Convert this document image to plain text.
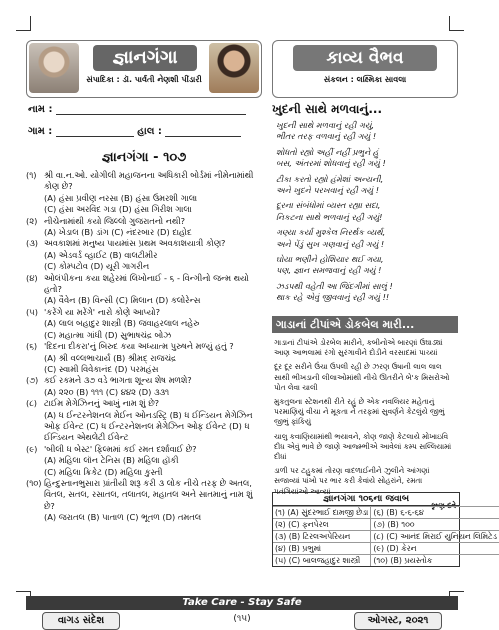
જ્ઞાનગંગા
સંપાદિકા : ડૉ. પાર્વતી નેણશી પીંડારી
નામ :
ગામ :	હાલ :
જ્ઞાનગંગા - ૧૦૭
(૧) શ્રી વા.ન.ઓ. યોગીલી મહાજનના અધિકારી બોર્ડમાં નીમેનામાંથી કોણ છે?
(A) હંસા પ્રવીણ નરસા (B) હંસા ઉમરશી ગાલા
(C) હંસા અરવિંદ ગડા (D) હંસા ગિરીશ ગાલા
(૨) નીચેનામાંથી કયો જિલ્લો ગુજરાતનો નથી?
(A) ખેડાલ (B) ડાંગ (C) નંદરબાર (D) દાહોદ
(૩) અવકાશમાં મનુષ્ય પાયમાંસ પ્રથમ અવકાશયાત્રી કોણ?
(A) એડવર્ડ વ્હાઈટ (B) વાલટીમીર
(C) કોમ્પટોવ (D) યૂરી ગાગરીન
(૪) ઓલંપીકના કયા શહેરમાં લિખોનાઈ - ૬ - વિન્ગીનો જન્મ થયો હતો?
(A) વૈવેન (B) વિન્સી (C) મિલાન (D) કલોરેન્સ
(૫) 'કરેંગે યા મરેંગે' નારો કોણે આપ્યો?
(A) લાલ બહાદુર શાસ્ત્રી (B) જવાહરલાલ નહેરુ
(C) મહાત્મા ગાંધી (D) સુભાષચંદ્ર બોઝ
(૬) 'દિદના દીકરા'નું બિરુદ કયા અધ્યાત્મ પુરુષને મળ્યું હતું ?
(A) શ્રી વલ્લભાચાર્ય (B) શ્રીમદ્ રાજચંદ્ર
(C) સ્વામી વિવેકાનંદ (D) પરમહંસ
(૭) કઈ રકમને ૩૭ વડે ભાગતા શૂન્ય શેષ મળશે?
(A) ૨૨૦ (B) ૧૧૧ (C) ૪૪૨ (D) ૩૩૧
(૮) ટાઈમ મેગેઝિનનું આખું નામ શું છે?
(A) ધ ઈન્ટરનેશનલ મેઈન ઓનડસ્ટ્રિ (B) ધ ઈન્ડિયન મેગેઝિન ઓફ ઈવેન્ટ (C) ધ ઈન્ટરનેશનલ મેગેઝિન ઓફ ઈવેન્ટ (D) ધ ઈન્ડિયન એથલેટી ઈવેન્ટ
(૯) 'બીલી ધ બેસ્ટ' ફિલ્મમાં કઈ રમત દર્શાવાઈ છે?
(A) મહિલા લૉન ટેનિસ (B) મહિલા હૉકી
(C) મહિલા ક્રિકેટ (D) મહિલા કુસ્તી
(૧૦) હિન્દુસ્તાનભુસારા પ્રાંતીયી શરૂ કરી ૩ લોક નીચે તરફ છે અતલ, વિતલ, સતલ, રસાતલ, તલાતલ, મહાતલ અને સાતમાનું નામ શું છે?
(A) જરાતલ (B) પાતાળ (C) ભૂતળ (D) તમતલ
કાવ્ય વૈભવ
સંકલન : લક્ષ્મિકા સાવલા
ખુદની સાથે મળવાનું...
ખુદની સાથે મળવાનું રહી ગયું,
ભીતર તરફ વળવાનું રહી ગયું !
શોધતો રહ્યો અહીં નહીં પ્રભુને હું
બસ, અંતરમાં શોધવાનું રહી ગયું !
ટીકા કરતો રહ્યો હંમેશાં અન્યની,
અને ખુદને પરખવાનું રહી ગયું !
દૂરના સંબંધોમાં વ્યસ્ત રહ્યા સદા,
નિકટના સાથે ભળવાનું રહી ગયું!
ગણ્યા કર્યા મુશ્કેલ નિરર્થક વ્યર્થ,
અને પેંડું સુખ ગણવાનું રહી ગયું !
ઘોયા ભણીને હોશિયાર થઈ ગયા,
પણ, જ્ઞાન સમજવાનું રહી ગયું !
ઝડપથી વહેતી આ જિંદગીમાં સાલું !
થાક રહે એવું જીવવાનું રહી ગયું !!
ગાડાનાં ટીપાંએ ડોકબેલ મારી...

ગાડાનાં ટીપાંએ ડોરબેલ મારીને, કબીનોએ બારણાં ઉઘાડ્યાં આણ આભલામાં રંગો સુરંગાવીને દોડીને વરસાદમાં પાચ્યાં

દૂર દૂર સરીને ઉંચા ઉપલી રહી છે ઝરણ ઉષાની લાલ લાલ સાથી ભીખડાની લીલાઓમાંથી નીચે ઊતરીને બે'ક મિસરોઓ પોત લેવા ચાલી

મુકતુલના સ્ટેશનથી રીતે રહું છે એક નવલિયર મહેતાનું પરમાણિયું વીચા ને મૂકતા ને તરફમાં સુવર્ણને કેટલુંયે જીભું જીભું ફાંકિયું

ચાલુ કવાણિયામાંથી ભયાવને, કોણ જાણે કેટલાયે મોખાઇવિ દીધ એવું ભાવે છે જાણે આજ્મ્ભીએ આવેલાં કમ્પ સલ્લિયામાં દીધાં

ડાળી પર ટહુકમાં તોરણ વાદળાઈનીને ઝુલીને આંગણાં સજાવ્યાં પાંખો પર ભાર કરી કેવાંયે સોહરાંને, રમતા પતંગિયાંઓ આવ્યાં

- કૃષ્ણ દવે
જ્ઞાનગંગા ૧૦૬ના જવાબ
(૧) (A) સુંદરભાઈ દામજી છેડા	(૬) (B) ૬-૬-૬૪
(૨) (C) ફનપેરલ	(૭) (B) ૧૦૦
(૩) (B) ટિરલઅપેરિયન	(૮) (C) આનંદ મિરાઈ યુનિયન લિમિટેડ
(૪) (B) પ્રભુમાં	(૯) (D) કેરન
(૫) (C) બાલજહાદુર શાસ્ત્રી	(૧૦) (B) પ્રયસ્તોક
Take Care - Stay Safe
વાગડ સંદેશ	(૧૫)	ઓગસ્ટ, ૨૦૨૧
